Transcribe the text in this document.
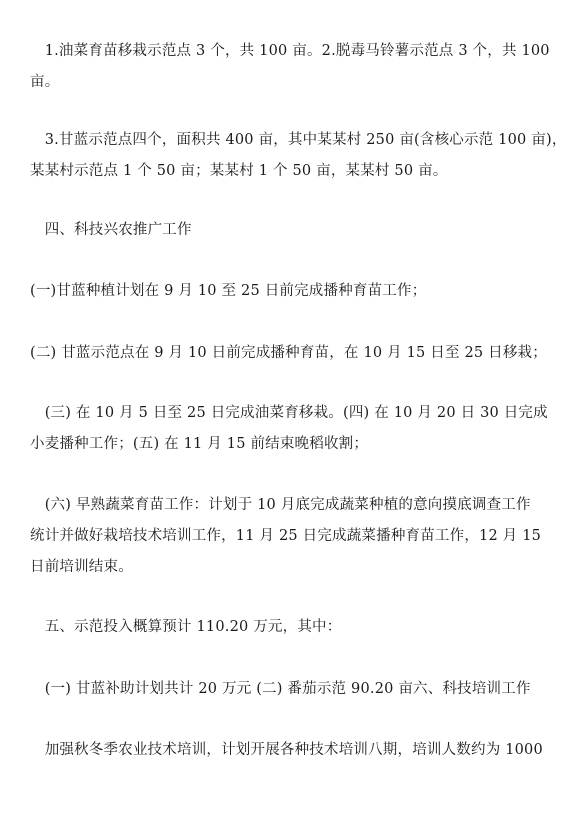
　1.油菜育苗移栽示范点 3 个，共 100 亩。2.脱毒马铃薯示范点 3 个，共 100
亩。
　3.甘蓝示范点四个，面积共 400 亩，其中某某村 250 亩(含核心示范 100 亩)，
某某村示范点 1 个 50 亩；某某村 1 个 50 亩，某某村 50 亩。
　四、科技兴农推广工作
(一)甘蓝种植计划在 9 月 10 至 25 日前完成播种育苗工作；
(二) 甘蓝示范点在 9 月 10 日前完成播种育苗，在 10 月 15 日至 25 日移栽；
　(三) 在 10 月 5 日至 25 日完成油菜育移栽。(四) 在 10 月 20 日 30 日完成
小麦播种工作；(五) 在 11 月 15 前结束晚稻收割；
　(六) 早熟蔬菜育苗工作：计划于 10 月底完成蔬菜种植的意向摸底调查工作
统计并做好栽培技术培训工作，11 月 25 日完成蔬菜播种育苗工作，12 月 15
日前培训结束。
　五、示范投入概算预计 110.20 万元，其中：
　(一) 甘蓝补助计划共计 20 万元 (二) 番茄示范 90.20 亩六、科技培训工作
　加强秋冬季农业技术培训，计划开展各种技术培训八期，培训人数约为 1000
